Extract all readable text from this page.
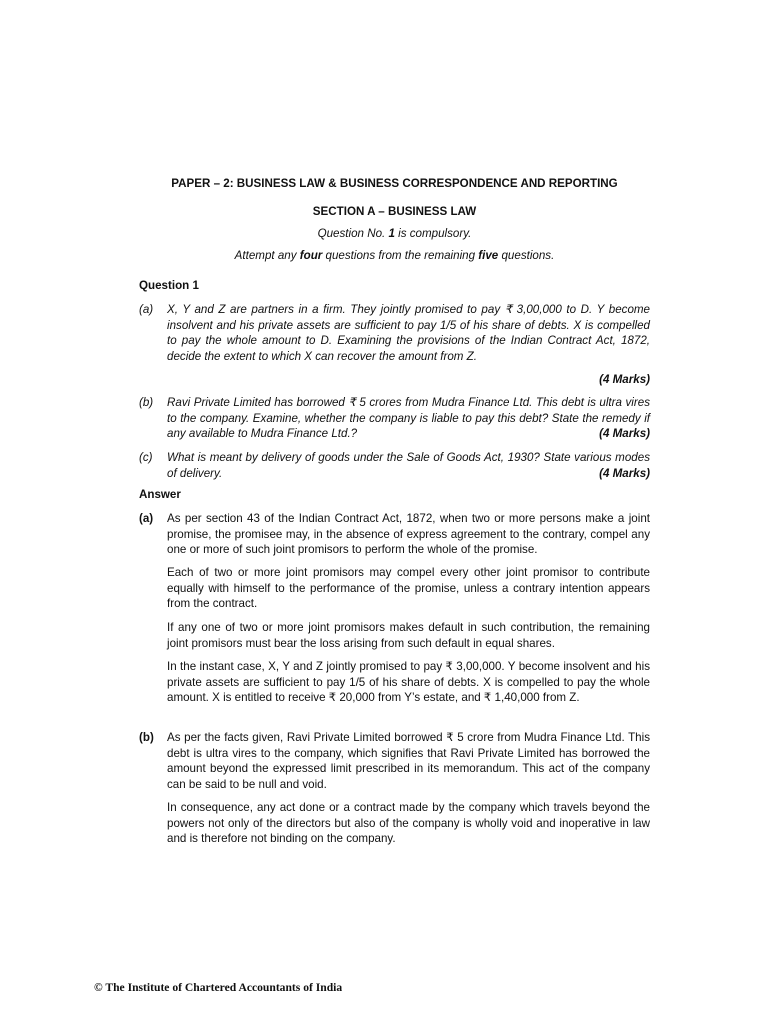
PAPER – 2: BUSINESS LAW & BUSINESS CORRESPONDENCE AND REPORTING
SECTION A – BUSINESS LAW
Question No. 1 is compulsory.
Attempt any four questions from the remaining five questions.
Question 1
(a)	X, Y and Z are partners in a firm. They jointly promised to pay ₹ 3,00,000 to D. Y become insolvent and his private assets are sufficient to pay 1/5 of his share of debts. X is compelled to pay the whole amount to D. Examining the provisions of the Indian Contract Act, 1872, decide the extent to which X can recover the amount from Z.
(4 Marks)
(b)	Ravi Private Limited has borrowed ₹ 5 crores from Mudra Finance Ltd. This debt is ultra vires to the company. Examine, whether the company is liable to pay this debt? State the remedy if any available to Mudra Finance Ltd.?	(4 Marks)
(c)	What is meant by delivery of goods under the Sale of Goods Act, 1930? State various modes of delivery.	(4 Marks)
Answer
(a)	As per section 43 of the Indian Contract Act, 1872, when two or more persons make a joint promise, the promisee may, in the absence of express agreement to the contrary, compel any one or more of such joint promisors to perform the whole of the promise.
Each of two or more joint promisors may compel every other joint promisor to contribute equally with himself to the performance of the promise, unless a contrary intention appears from the contract.
If any one of two or more joint promisors makes default in such contribution, the remaining joint promisors must bear the loss arising from such default in equal shares.
In the instant case, X, Y and Z jointly promised to pay ₹ 3,00,000. Y become insolvent and his private assets are sufficient to pay 1/5 of his share of debts. X is compelled to pay the whole amount. X is entitled to receive ₹ 20,000 from Y’s estate, and ₹ 1,40,000 from Z.
(b)	As per the facts given, Ravi Private Limited borrowed ₹ 5 crore from Mudra Finance Ltd. This debt is ultra vires to the company, which signifies that Ravi Private Limited has borrowed the amount beyond the expressed limit prescribed in its memorandum. This act of the company can be said to be null and void.
In consequence, any act done or a contract made by the company which travels beyond the powers not only of the directors but also of the company is wholly void and inoperative in law and is therefore not binding on the company.
© The Institute of Chartered Accountants of India
